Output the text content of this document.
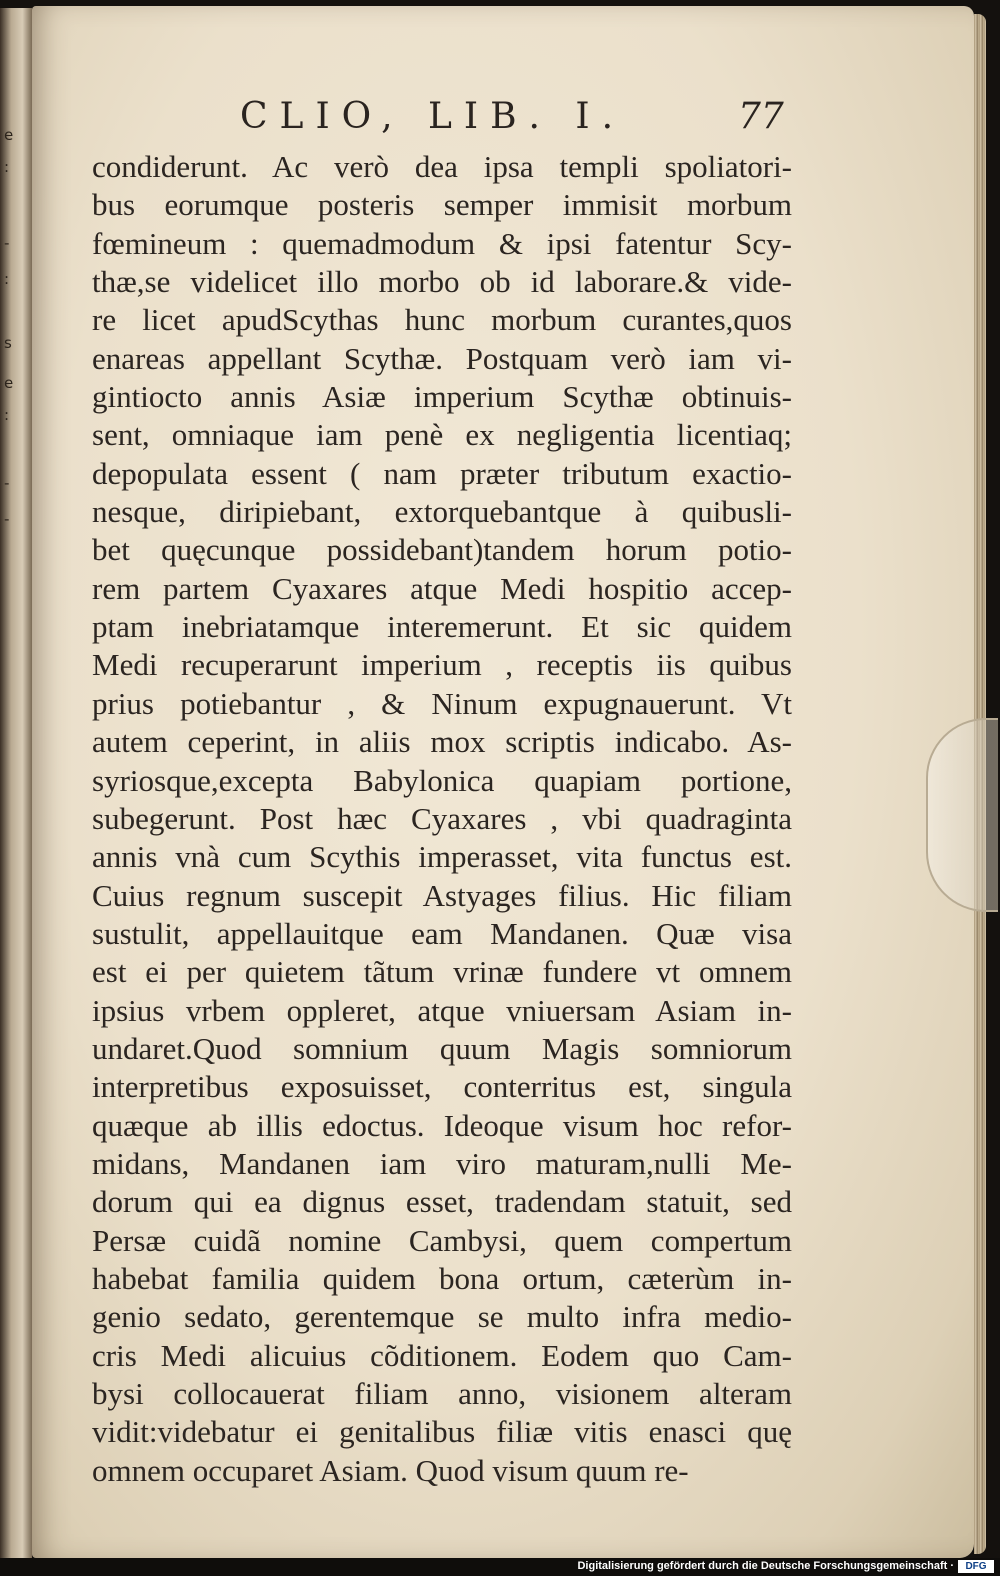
e
:
-
:
s
e
:
-
-
CLIO, LIB. I.	77
condiderunt. Ac verò dea ipsa templi spoliatori-
bus eorumque posteris semper immisit morbum
fœmineum : quemadmodum & ipsi fatentur Scy-
thæ,se videlicet illo morbo ob id laborare.& vide-
re licet apudScythas hunc morbum curantes,quos
enareas appellant Scythæ. Postquam verò iam vi-
gintiocto annis Asiæ imperium Scythæ obtinuis-
sent, omniaque iam penè ex negligentia licentiaq;
depopulata essent ( nam præter tributum exactio-
nesque, diripiebant, extorquebantque à quibusli-
bet quęcunque possidebant)tandem horum potio-
rem partem Cyaxares atque Medi hospitio accep-
ptam inebriatamque interemerunt. Et sic quidem
Medi recuperarunt imperium , receptis iis quibus
prius potiebantur , & Ninum expugnauerunt. Vt
autem ceperint, in aliis mox scriptis indicabo. As-
syriosque,excepta Babylonica quapiam portione,
subegerunt. Post hæc Cyaxares , vbi quadraginta
annis vnà cum Scythis imperasset, vita functus est.
Cuius regnum suscepit Astyages filius. Hic filiam
sustulit, appellauitque eam Mandanen. Quæ visa
est ei per quietem tãtum vrinæ fundere vt omnem
ipsius vrbem oppleret, atque vniuersam Asiam in-
undaret.Quod somnium quum Magis somniorum
interpretibus exposuisset, conterritus est, singula
quæque ab illis edoctus. Ideoque visum hoc refor-
midans, Mandanen iam viro maturam,nulli Me-
dorum qui ea dignus esset, tradendam statuit, sed
Persæ cuidã nomine Cambysi, quem compertum
habebat familia quidem bona ortum, cæterùm in-
genio sedato, gerentemque se multo infra medio-
cris Medi alicuius cõditionem. Eodem quo Cam-
bysi collocauerat filiam anno, visionem alteram
vidit:videbatur ei genitalibus filiæ vitis enasci quę
omnem occuparet Asiam. Quod visum quum re-
Digitalisierung gefördert durch die Deutsche Forschungsgemeinschaft ·	DFG
